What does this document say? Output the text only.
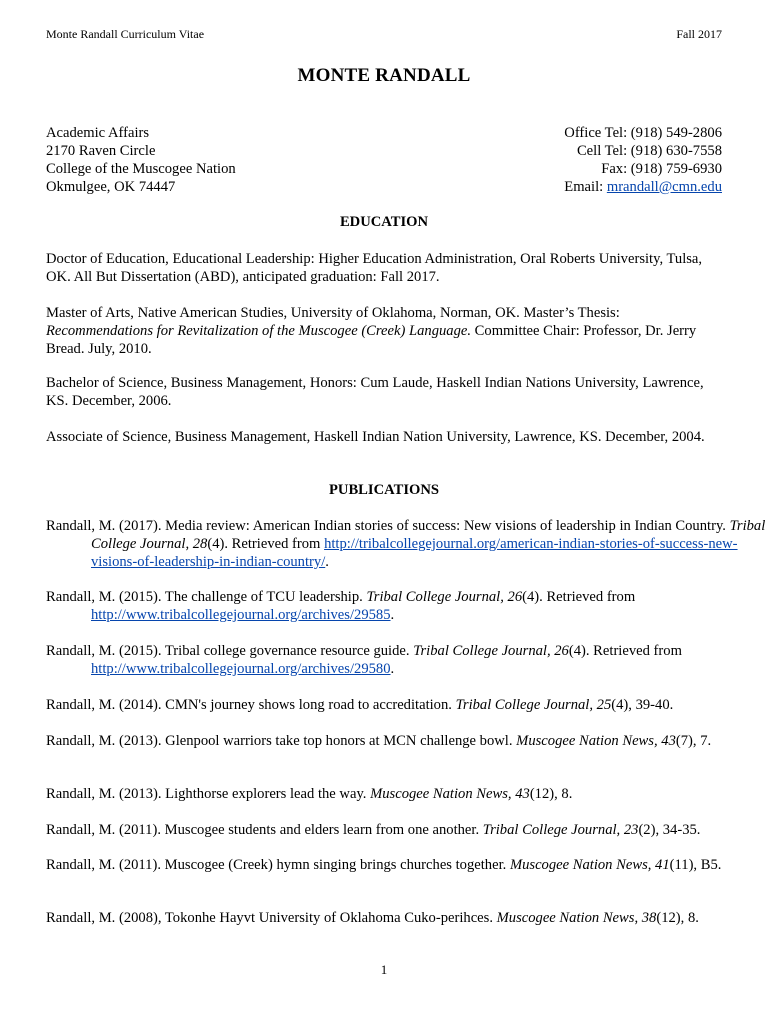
Monte Randall Curriculum Vitae	Fall 2017
MONTE RANDALL
Academic Affairs
2170 Raven Circle
College of the Muscogee Nation
Okmulgee, OK 74447
Office Tel: (918) 549-2806
Cell Tel: (918) 630-7558
Fax: (918) 759-6930
Email: mrandall@cmn.edu
EDUCATION
Doctor of Education, Educational Leadership: Higher Education Administration, Oral Roberts University, Tulsa, OK. All But Dissertation (ABD), anticipated graduation: Fall 2017.
Master of Arts, Native American Studies, University of Oklahoma, Norman, OK. Master’s Thesis: Recommendations for Revitalization of the Muscogee (Creek) Language. Committee Chair: Professor, Dr. Jerry Bread. July, 2010.
Bachelor of Science, Business Management, Honors: Cum Laude, Haskell Indian Nations University, Lawrence, KS. December, 2006.
Associate of Science, Business Management, Haskell Indian Nation University, Lawrence, KS. December, 2004.
PUBLICATIONS
Randall, M. (2017). Media review: American Indian stories of success: New visions of leadership in Indian Country. Tribal College Journal, 28(4). Retrieved from http://tribalcollegejournal.org/american-indian-stories-of-success-new-visions-of-leadership-in-indian-country/.
Randall, M. (2015). The challenge of TCU leadership. Tribal College Journal, 26(4). Retrieved from http://www.tribalcollegejournal.org/archives/29585.
Randall, M. (2015). Tribal college governance resource guide. Tribal College Journal, 26(4). Retrieved from http://www.tribalcollegejournal.org/archives/29580.
Randall, M. (2014). CMN's journey shows long road to accreditation. Tribal College Journal, 25(4), 39-40.
Randall, M. (2013). Glenpool warriors take top honors at MCN challenge bowl. Muscogee Nation News, 43(7), 7.
Randall, M. (2013). Lighthorse explorers lead the way. Muscogee Nation News, 43(12), 8.
Randall, M. (2011). Muscogee students and elders learn from one another. Tribal College Journal, 23(2), 34-35.
Randall, M. (2011). Muscogee (Creek) hymn singing brings churches together. Muscogee Nation News, 41(11), B5.
Randall, M. (2008), Tokonhe Hayvt University of Oklahoma Cuko-perihces. Muscogee Nation News, 38(12), 8.
1
